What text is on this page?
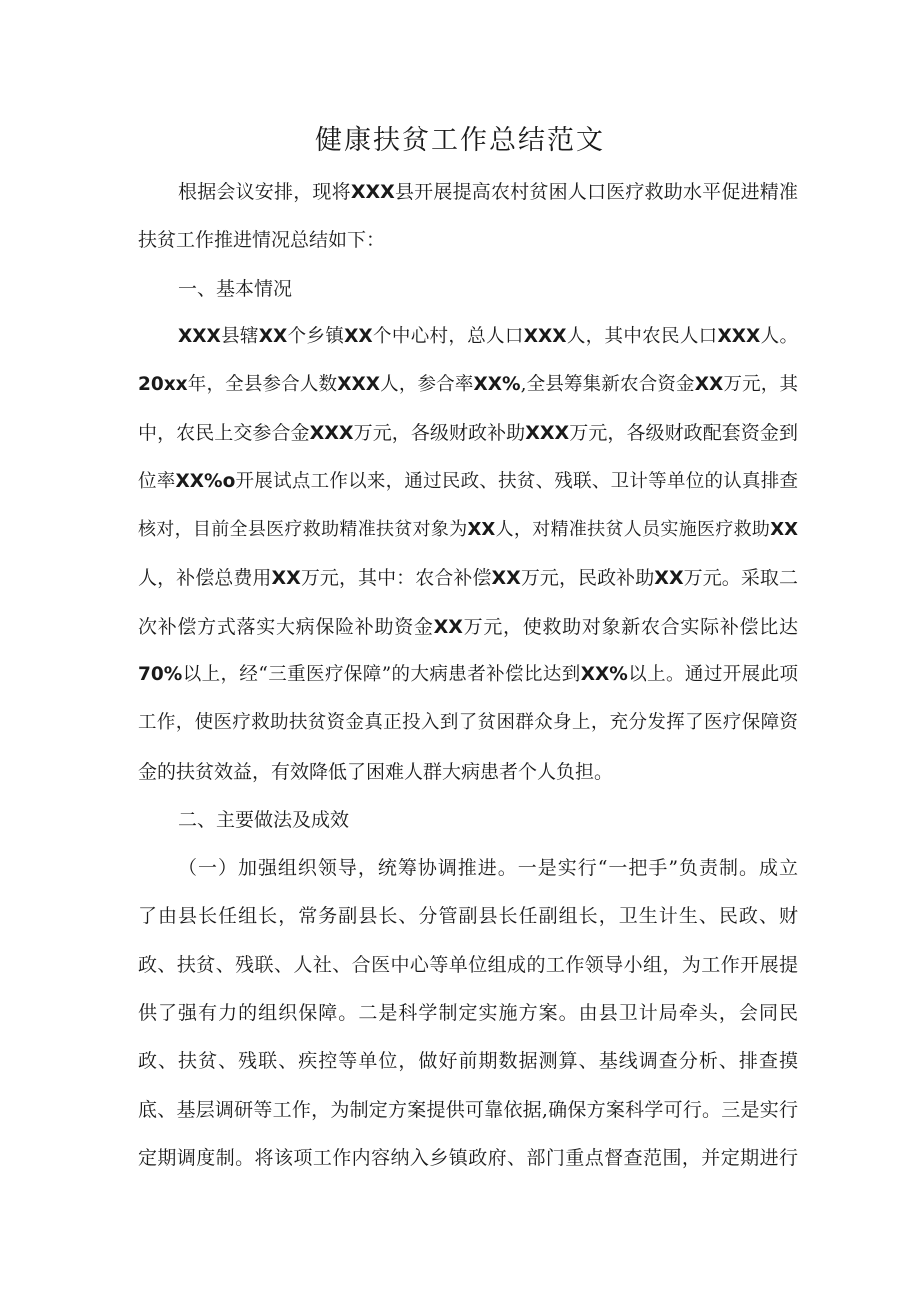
健康扶贫工作总结范文
根据会议安排，现将XXX县开展提高农村贫困人口医疗救助水平促进精准
扶贫工作推进情况总结如下：
一、基本情况
XXX县辖XX个乡镇XX个中心村，总人口XXX人，其中农民人口XXX人。
20xx年，全县参合人数XXX人，参合率XX%,全县筹集新农合资金XX万元，其
中，农民上交参合金XXX万元，各级财政补助XXX万元，各级财政配套资金到
位率XX%o开展试点工作以来，通过民政、扶贫、残联、卫计等单位的认真排查
核对，目前全县医疗救助精准扶贫对象为XX人，对精准扶贫人员实施医疗救助XX
人，补偿总费用XX万元，其中：农合补偿XX万元，民政补助XX万元。采取二
次补偿方式落实大病保险补助资金XX万元，使救助对象新农合实际补偿比达
70%以上，经“三重医疗保障”的大病患者补偿比达到XX%以上。通过开展此项
工作，使医疗救助扶贫资金真正投入到了贫困群众身上，充分发挥了医疗保障资
金的扶贫效益，有效降低了困难人群大病患者个人负担。
二、主要做法及成效
（一）加强组织领导，统筹协调推进。一是实行“一把手”负责制。成立
了由县长任组长，常务副县长、分管副县长任副组长，卫生计生、民政、财
政、扶贫、残联、人社、合医中心等单位组成的工作领导小组，为工作开展提
供了强有力的组织保障。二是科学制定实施方案。由县卫计局牵头，会同民
政、扶贫、残联、疾控等单位，做好前期数据测算、基线调查分析、排查摸
底、基层调研等工作，为制定方案提供可靠依据,确保方案科学可行。三是实行
定期调度制。将该项工作内容纳入乡镇政府、部门重点督查范围，并定期进行
